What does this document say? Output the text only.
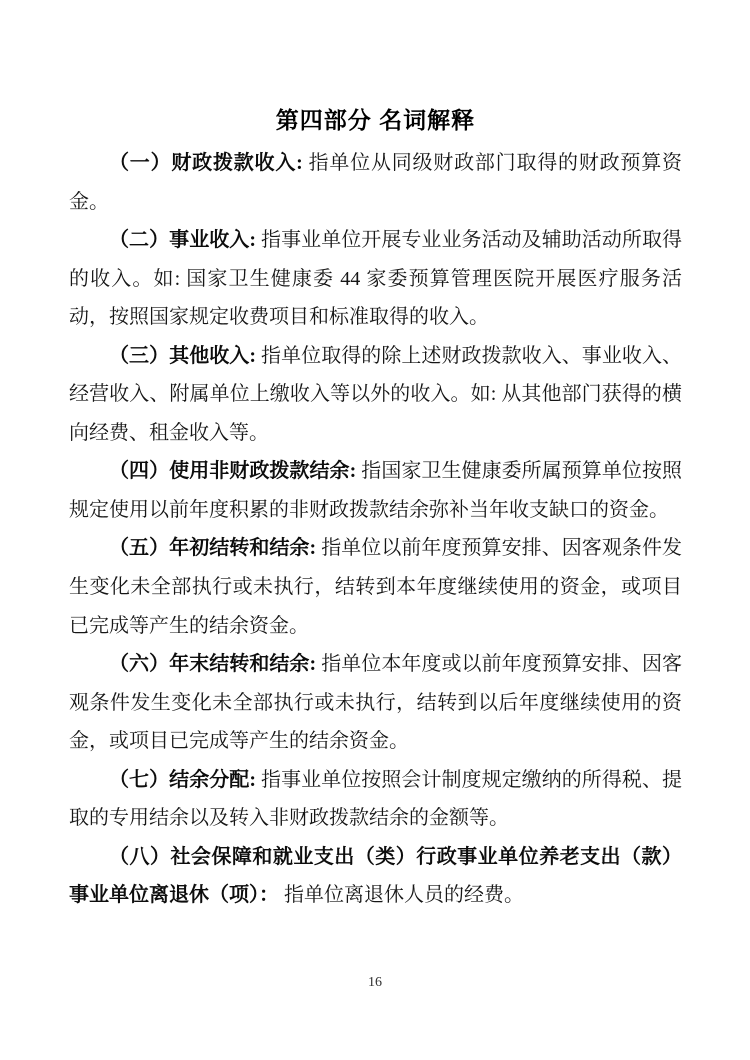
第四部分 名词解释

（一）财政拨款收入: 指单位从同级财政部门取得的财政预算资金。

（二）事业收入: 指事业单位开展专业业务活动及辅助活动所取得的收入。如: 国家卫生健康委 44 家委预算管理医院开展医疗服务活动，按照国家规定收费项目和标准取得的收入。

（三）其他收入: 指单位取得的除上述财政拨款收入、事业收入、经营收入、附属单位上缴收入等以外的收入。如: 从其他部门获得的横向经费、租金收入等。

（四）使用非财政拨款结余: 指国家卫生健康委所属预算单位按照规定使用以前年度积累的非财政拨款结余弥补当年收支缺口的资金。

（五）年初结转和结余: 指单位以前年度预算安排、因客观条件发生变化未全部执行或未执行，结转到本年度继续使用的资金，或项目已完成等产生的结余资金。

（六）年末结转和结余: 指单位本年度或以前年度预算安排、因客观条件发生变化未全部执行或未执行，结转到以后年度继续使用的资金，或项目已完成等产生的结余资金。

（七）结余分配: 指事业单位按照会计制度规定缴纳的所得税、提取的专用结余以及转入非财政拨款结余的金额等。

（八）社会保障和就业支出（类）行政事业单位养老支出（款）事业单位离退休（项）： 指单位离退休人员的经费。

16
